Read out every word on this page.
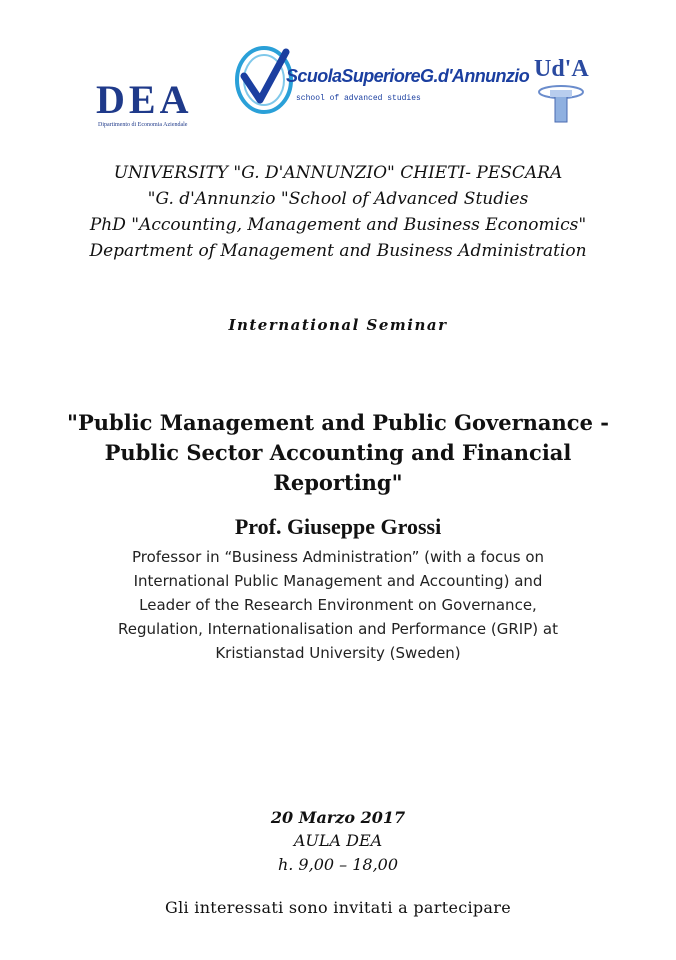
DEA
Dipartimento di Economia Aziendale
ScuolaSuperioreG.d'Annunzio
school of advanced studies
Ud'A
UNIVERSITY "G. D'ANNUNZIO" CHIETI- PESCARA
"G. d'Annunzio "School of Advanced Studies
PhD "Accounting, Management and Business Economics"
Department of Management and Business Administration
International Seminar
"Public Management and Public Governance - Public Sector Accounting and Financial Reporting"
Prof. Giuseppe Grossi
Professor in “Business Administration” (with a focus on
International Public Management and Accounting) and
Leader of the Research Environment on Governance,
Regulation, Internationalisation and Performance (GRIP) at
Kristianstad University (Sweden)
20 Marzo 2017
AULA DEA
h. 9,00 – 18,00
Gli interessati sono invitati a partecipare
